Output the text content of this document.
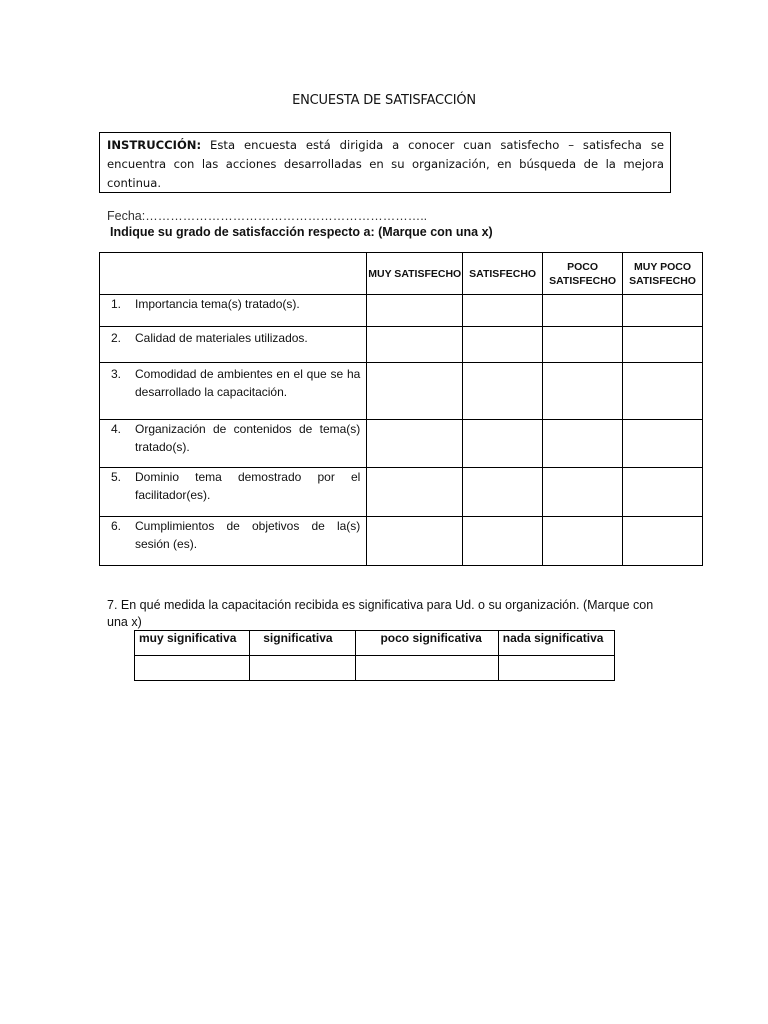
ENCUESTA DE SATISFACCIÓN
INSTRUCCIÓN: Esta encuesta está dirigida a conocer cuan satisfecho – satisfecha se encuentra con las acciones desarrolladas en su organización, en búsqueda de la mejora continua.
Fecha:…………………………………………………………..
Indique su grado de satisfacción respecto a: (Marque con una x)
	MUY SATISFECHO	SATISFECHO	POCO SATISFECHO	MUY POCO SATISFECHO

1. Importancia tema(s) tratado(s).				

2. Calidad de materiales utilizados.				

3. Comodidad de ambientes en el que se ha desarrollado la capacitación.				

4. Organización de contenidos de tema(s) tratado(s).				

5. Dominio tema demostrado por el facilitador(es).				

6. Cumplimientos de objetivos de la(s) sesión (es).				

7. En qué medida la capacitación recibida es significativa para Ud. o su organización. (Marque con una x)
muy significativa	significativa	poco significativa	nada significativa
